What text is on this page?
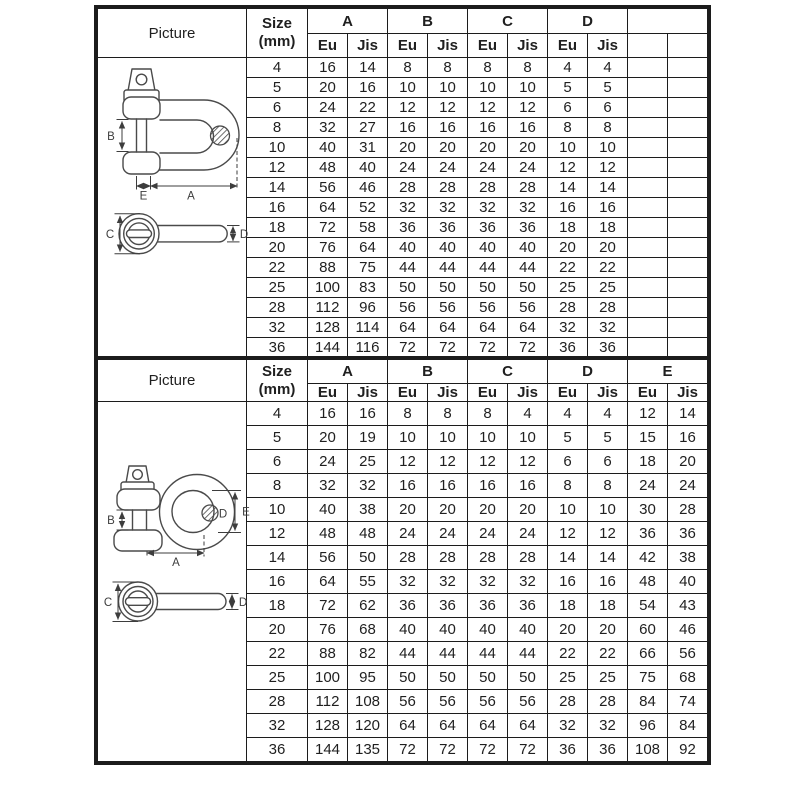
Picture	Size
(mm)	A		B		C		D			
		Eu	Jis	Eu	Jis	Eu	Jis	Eu	Jis		
	4	16	14	8	8	8	8	4	4		
	5	20	16	10	10	10	10	5	5		
	6	24	22	12	12	12	12	6	6		
	8	32	27	16	16	16	16	8	8		
	10	40	31	20	20	20	20	10	10		
	12	48	40	24	24	24	24	12	12		
	14	56	46	28	28	28	28	14	14		
	16	64	52	32	32	32	32	16	16		
	18	72	58	36	36	36	36	18	18		
	20	76	64	40	40	40	40	20	20		
	22	88	75	44	44	44	44	22	22		
	25	100	83	50	50	50	50	25	25		
	28	112	96	56	56	56	56	28	28		
	32	128	114	64	64	64	64	32	32		
	36	144	116	72	72	72	72	36	36		
Picture	Size
(mm)	A		B		C		D		E	
		Eu	Jis	Eu	Jis	Eu	Jis	Eu	Jis	Eu	Jis
	4	16	16	8	8	8	4	4	4	12	14
	5	20	19	10	10	10	10	5	5	15	16
	6	24	25	12	12	12	12	6	6	18	20
	8	32	32	16	16	16	16	8	8	24	24
	10	40	38	20	20	20	20	10	10	30	28
	12	48	48	24	24	24	24	12	12	36	36
	14	56	50	28	28	28	28	14	14	42	38
	16	64	55	32	32	32	32	16	16	48	40
	18	72	62	36	36	36	36	18	18	54	43
	20	76	68	40	40	40	40	20	20	60	46
	22	88	82	44	44	44	44	22	22	66	56
	25	100	95	50	50	50	50	25	25	75	68
	28	112	108	56	56	56	56	28	28	84	74
	32	128	120	64	64	64	64	32	32	96	84
	36	144	135	72	72	72	72	36	36	108	92
B
E	A
C	D
D E
B
A
C	D
